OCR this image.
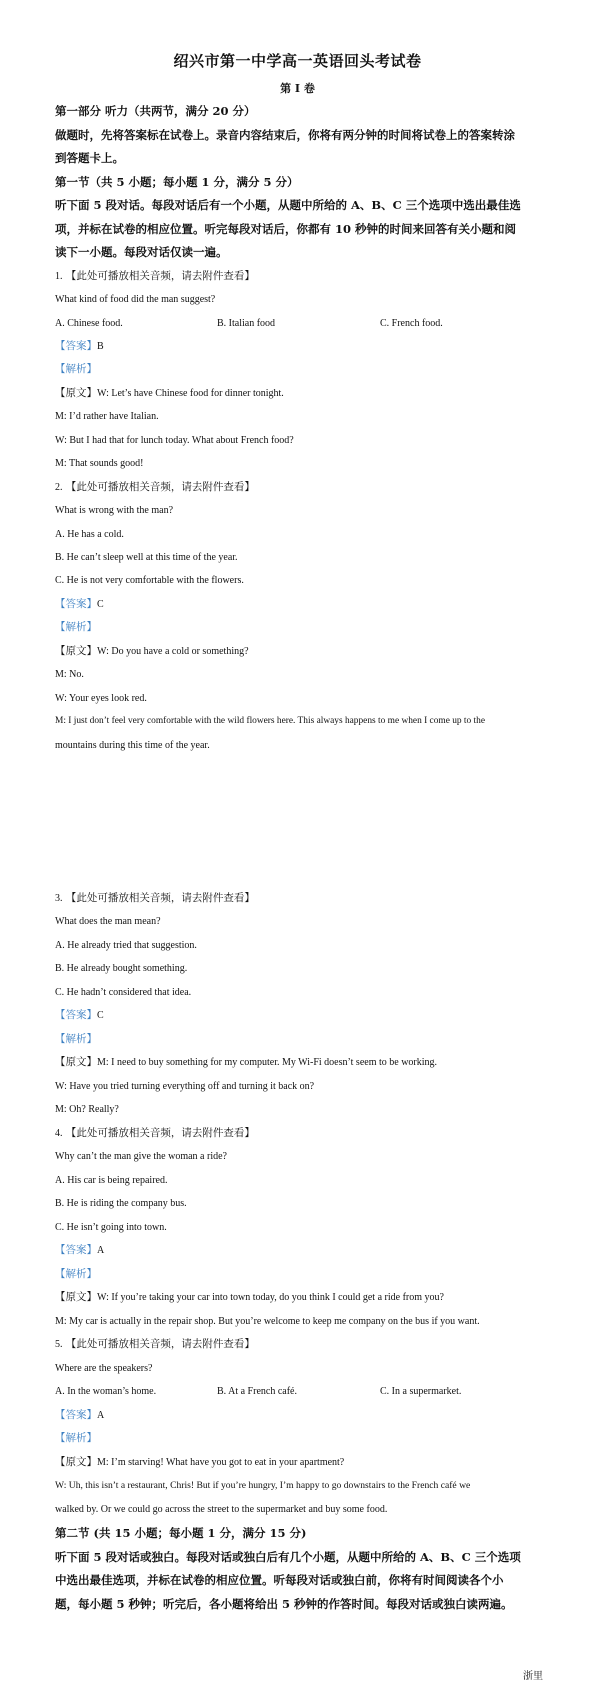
绍兴市第一中学高一英语回头考试卷
第 I 卷
第一部分 听力（共两节，满分 20 分）
做题时，先将答案标在试卷上。录音内容结束后，你将有两分钟的时间将试卷上的答案转涂
到答题卡上。
第一节（共 5 小题；每小题 1 分，满分 5 分）
听下面 5 段对话。每段对话后有一个小题，从题中所给的 A、B、C 三个选项中选出最佳选
项，并标在试卷的相应位置。听完每段对话后，你都有 10 秒钟的时间来回答有关小题和阅
读下一小题。每段对话仅读一遍。
1. 【此处可播放相关音频，请去附件查看】
What kind of food did the man suggest?
A. Chinese food.	B. Italian food	C. French food.
【答案】B
【解析】
【原文】W: Let’s have Chinese food for dinner tonight.
M: I’d rather have Italian.
W: But I had that for lunch today. What about French food?
M: That sounds good!
2. 【此处可播放相关音频，请去附件查看】
What is wrong with the man?
A. He has a cold.
B. He can’t sleep well at this time of the year.
C. He is not very comfortable with the flowers.
【答案】C
【解析】
【原文】W: Do you have a cold or something?
M: No.
W: Your eyes look red.
M: I just don’t feel very comfortable with the wild flowers here. This always happens to me when I come up to the
mountains during this time of the year.
3. 【此处可播放相关音频，请去附件查看】
What does the man mean?
A. He already tried that suggestion.
B. He already bought something.
C. He hadn’t considered that idea.
【答案】C
【解析】
【原文】M: I need to buy something for my computer. My Wi-Fi doesn’t seem to be working.
W: Have you tried turning everything off and turning it back on?
M: Oh? Really?
4. 【此处可播放相关音频，请去附件查看】
Why can’t the man give the woman a ride?
A. His car is being repaired.
B. He is riding the company bus.
C. He isn’t going into town.
【答案】A
【解析】
【原文】W: If you’re taking your car into town today, do you think I could get a ride from you?
M: My car is actually in the repair shop. But you’re welcome to keep me company on the bus if you want.
5. 【此处可播放相关音频，请去附件查看】
Where are the speakers?
A. In the woman’s home.	B. At a French café.	C. In a supermarket.
【答案】A
【解析】
【原文】M: I’m starving! What have you got to eat in your apartment?
W: Uh, this isn’t a restaurant, Chris! But if you’re hungry, I’m happy to go downstairs to the French café we
walked by. Or we could go across the street to the supermarket and buy some food.
第二节 (共 15 小题；每小题 1 分，满分 15 分)
听下面 5 段对话或独白。每段对话或独白后有几个小题，从题中所给的 A、B、C 三个选项
中选出最佳选项，并标在试卷的相应位置。听每段对话或独白前，你将有时间阅读各个小
题，每小题 5 秒钟；听完后，各小题将给出 5 秒钟的作答时间。每段对话或独白读两遍。
浙里
